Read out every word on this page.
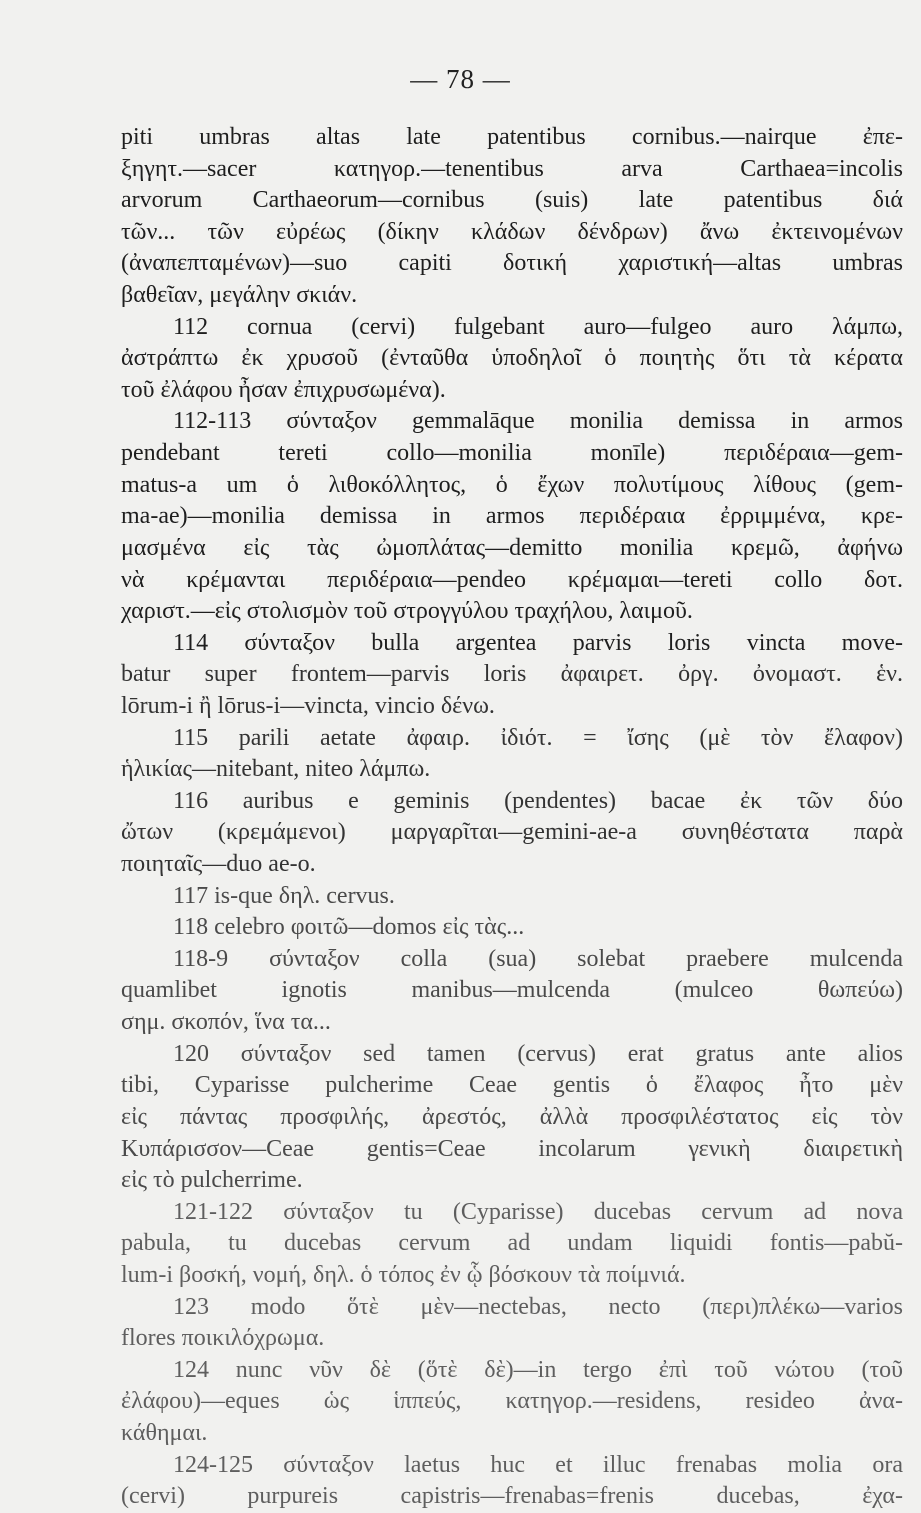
— 78 —
piti umbras altas late patentibus cornibus.—nairque ἐπε-
ξηγητ.—sacer κατηγορ.—tenentibus arva Carthaea=incolis
arvorum Carthaeorum—cornibus (suis) late patentibus διά
τῶν... τῶν εὐρέως (δίκην κλάδων δένδρων) ἄνω ἐκτεινομένων
(ἀναπεπταμένων)—suo capiti δοτική χαριστική—altas umbras
βαθεῖαν, μεγάλην σκιάν.
112 cornua (cervi) fulgebant auro—fulgeo auro λάμπω,
ἀστράπτω ἐκ χρυσοῦ (ἐνταῦθα ὑποδηλοῖ ὁ ποιητὴς ὅτι τὰ κέρατα
τοῦ ἐλάφου ἦσαν ἐπιχρυσωμένα).
112-113 σύνταξον gemmalāque monilia demissa in armos
pendebant tereti collo—monilia monīle) περιδέραια—gem-
matus-a um ὁ λιθοκόλλητος, ὁ ἔχων πολυτίμους λίθους (gem-
ma-ae)—monilia demissa in armos περιδέραια ἐρριμμένα, κρε-
μασμένα εἰς τὰς ὠμοπλάτας—demitto monilia κρεμῶ, ἀφήνω
νὰ κρέμανται περιδέραια—pendeo κρέμαμαι—tereti collo δοτ.
χαριστ.—εἰς στολισμὸν τοῦ στρογγύλου τραχήλου, λαιμοῦ.
114 σύνταξον bulla argentea parvis loris vincta move-
batur super frontem—parvis loris ἀφαιρετ. ὀργ. ὀνομαστ. ἑν.
lōrum-i ἢ lōrus-i—vincta, vincio δένω.
115 parili aetate ἀφαιρ. ἰδιότ. = ἴσης (μὲ τὸν ἔλαφον)
ἡλικίας—nitebant, niteo λάμπω.
116 auribus e geminis (pendentes) bacae ἐκ τῶν δύο
ὤτων (κρεμάμενοι) μαργαρῖται—gemini-ae-a συνηθέστατα παρὰ
ποιηταῖς—duo ae-o.
117 is-que δηλ. cervus.
118 celebro φοιτῶ—domos εἰς τὰς...
118-9 σύνταξον colla (sua) solebat praebere mulcenda
quamlibet ignotis manibus—mulcenda (mulceo θωπεύω)
σημ. σκοπόν, ἵνα τα...
120 σύνταξον sed tamen (cervus) erat gratus ante alios
tibi, Cyparisse pulcherime Ceae gentis ὁ ἔλαφος ἦτο μὲν
εἰς πάντας προσφιλής, ἀρεστός, ἀλλὰ προσφιλέστατος εἰς τὸν
Κυπάρισσον—Ceae gentis=Ceae incolarum γενικὴ διαιρετικὴ
εἰς τὸ pulcherrime.
121-122 σύνταξον tu (Cyparisse) ducebas cervum ad nova
pabula, tu ducebas cervum ad undam liquidi fontis—pabŭ-
lum-i βοσκή, νομή, δηλ. ὁ τόπος ἐν ᾧ βόσκουν τὰ ποίμνιά.
123 modo ὅτὲ μὲν—nectebas, necto (περι)πλέκω—varios
flores ποικιλόχρωμα.
124 nunc νῦν δὲ (ὅτὲ δὲ)—in tergo ἐπὶ τοῦ νώτου (τοῦ
ἐλάφου)—eques ὡς ἱππεύς, κατηγορ.—residens, resideo ἀνα-
κάθημαι.
124-125 σύνταξον laetus huc et illuc frenabas molia ora
(cervi) purpureis capistris—frenabas=frenis ducebas, ἐχα-
